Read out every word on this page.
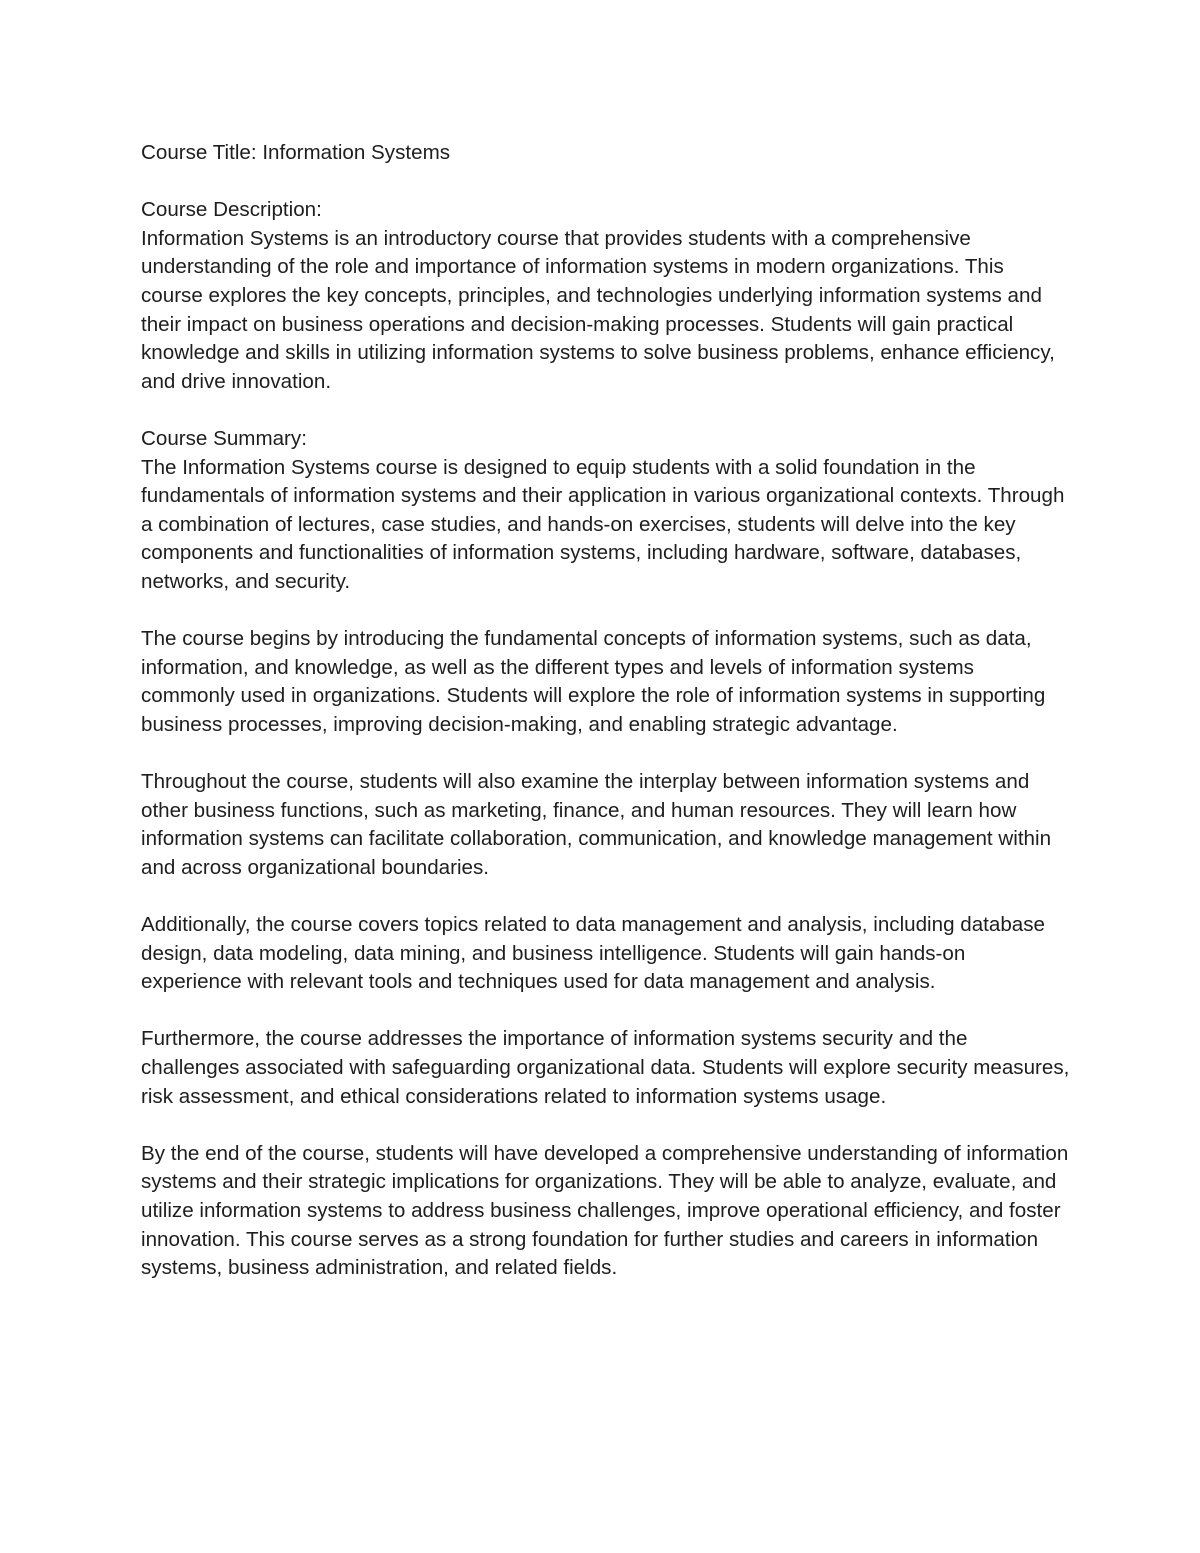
Course Title: Information Systems

Course Description:

Information Systems is an introductory course that provides students with a comprehensive understanding of the role and importance of information systems in modern organizations. This course explores the key concepts, principles, and technologies underlying information systems and their impact on business operations and decision-making processes. Students will gain practical knowledge and skills in utilizing information systems to solve business problems, enhance efficiency, and drive innovation.

Course Summary:

The Information Systems course is designed to equip students with a solid foundation in the fundamentals of information systems and their application in various organizational contexts. Through a combination of lectures, case studies, and hands-on exercises, students will delve into the key components and functionalities of information systems, including hardware, software, databases, networks, and security.

The course begins by introducing the fundamental concepts of information systems, such as data, information, and knowledge, as well as the different types and levels of information systems commonly used in organizations. Students will explore the role of information systems in supporting business processes, improving decision-making, and enabling strategic advantage.

Throughout the course, students will also examine the interplay between information systems and other business functions, such as marketing, finance, and human resources. They will learn how information systems can facilitate collaboration, communication, and knowledge management within and across organizational boundaries.

Additionally, the course covers topics related to data management and analysis, including database design, data modeling, data mining, and business intelligence. Students will gain hands-on experience with relevant tools and techniques used for data management and analysis.

Furthermore, the course addresses the importance of information systems security and the challenges associated with safeguarding organizational data. Students will explore security measures, risk assessment, and ethical considerations related to information systems usage.

By the end of the course, students will have developed a comprehensive understanding of information systems and their strategic implications for organizations. They will be able to analyze, evaluate, and utilize information systems to address business challenges, improve operational efficiency, and foster innovation. This course serves as a strong foundation for further studies and careers in information systems, business administration, and related fields.
